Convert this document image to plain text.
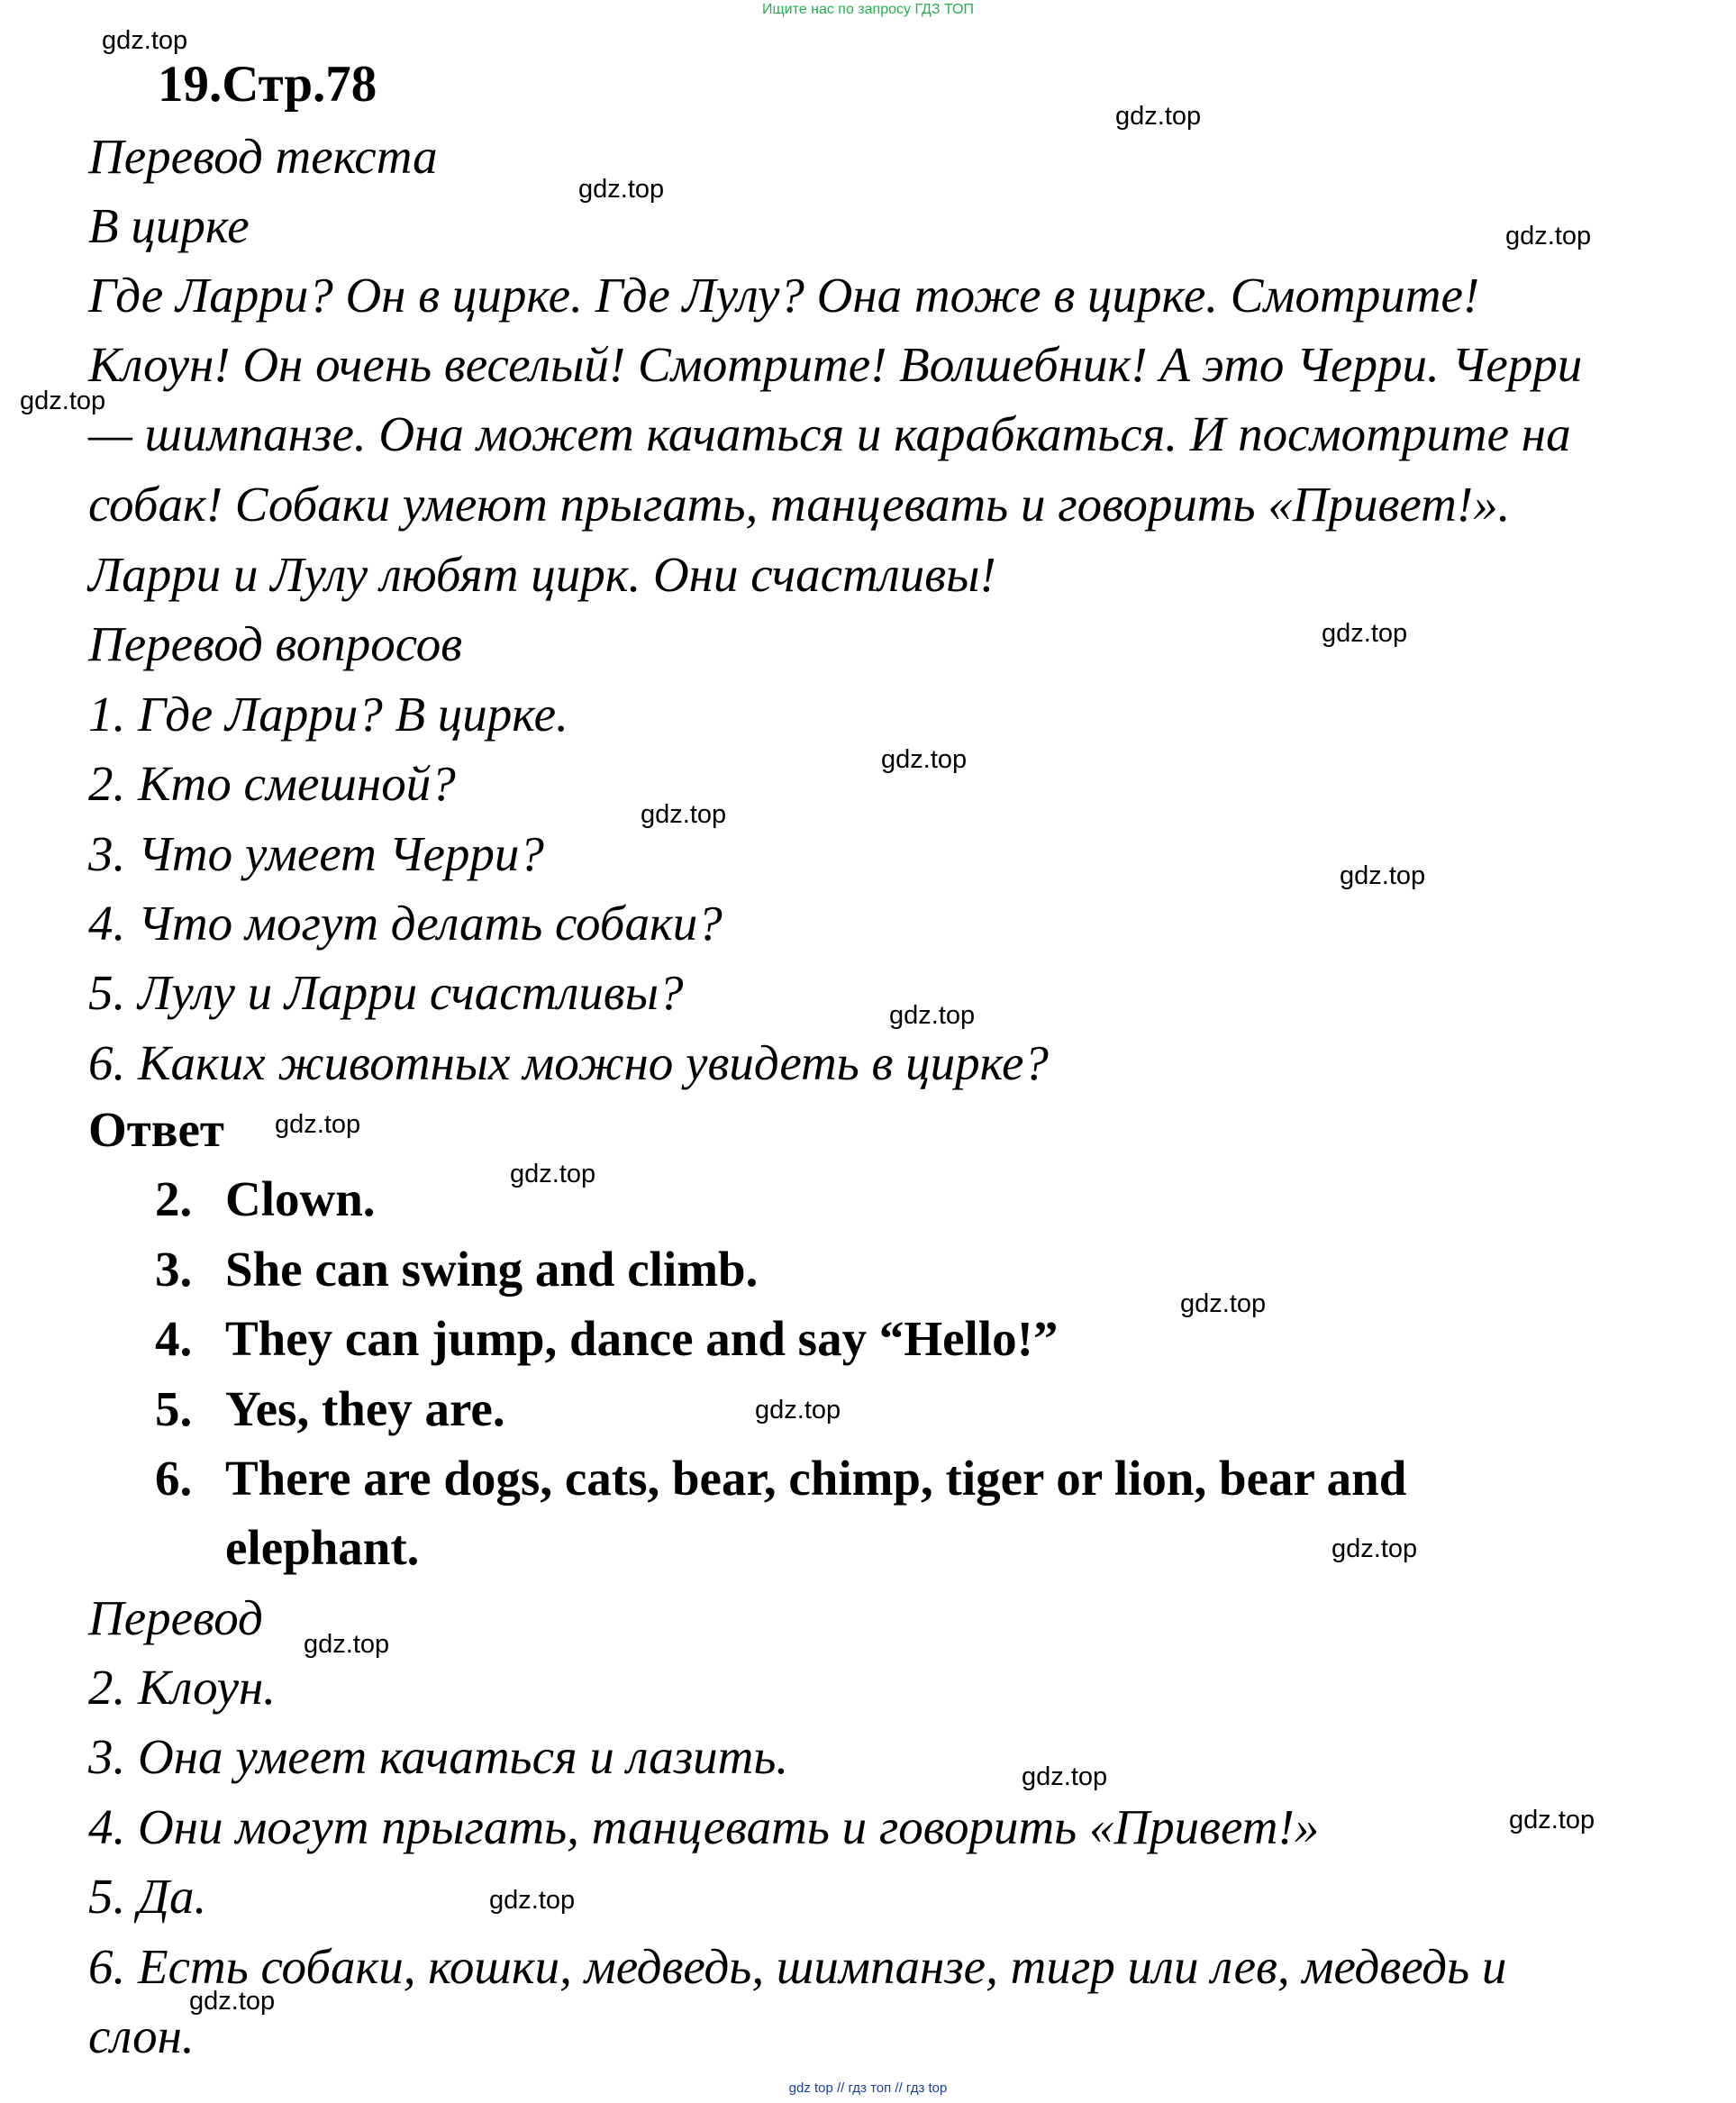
Ищите нас по запросу ГДЗ ТОП
19.Стр.78
Перевод текста
В цирке
Где Ларри? Он в цирке. Где Лулу? Она тоже в цирке. Смотрите!
Клоун! Он очень веселый! Смотрите! Волшебник! А это Черри. Черри
— шимпанзе. Она может качаться и карабкаться. И посмотрите на
собак! Собаки умеют прыгать, танцевать и говорить «Привет!».
Ларри и Лулу любят цирк. Они счастливы!
Перевод вопросов
1. Где Ларри? В цирке.
2. Кто смешной?
3. Что умеет Черри?
4. Что могут делать собаки?
5. Лулу и Ларри счастливы?
6. Каких животных можно увидеть в цирке?
Ответ
2. Clown.
3. She can swing and climb.
4. They can jump, dance and say “Hello!”
5. Yes, they are.
6. There are dogs, cats, bear, chimp, tiger or lion, bear and
elephant.
Перевод
2. Клоун.
3. Она умеет качаться и лазить.
4. Они могут прыгать, танцевать и говорить «Привет!»
5. Да.
6. Есть собаки, кошки, медведь, шимпанзе, тигр или лев, медведь и
слон.
gdz.top
gdz.top
gdz.top
gdz.top
gdz.top
gdz.top
gdz.top
gdz.top
gdz.top
gdz.top
gdz.top
gdz.top
gdz.top
gdz.top
gdz.top
gdz.top
gdz.top
gdz.top
gdz.top
gdz.top
gdz top // гдз топ // гдз top
